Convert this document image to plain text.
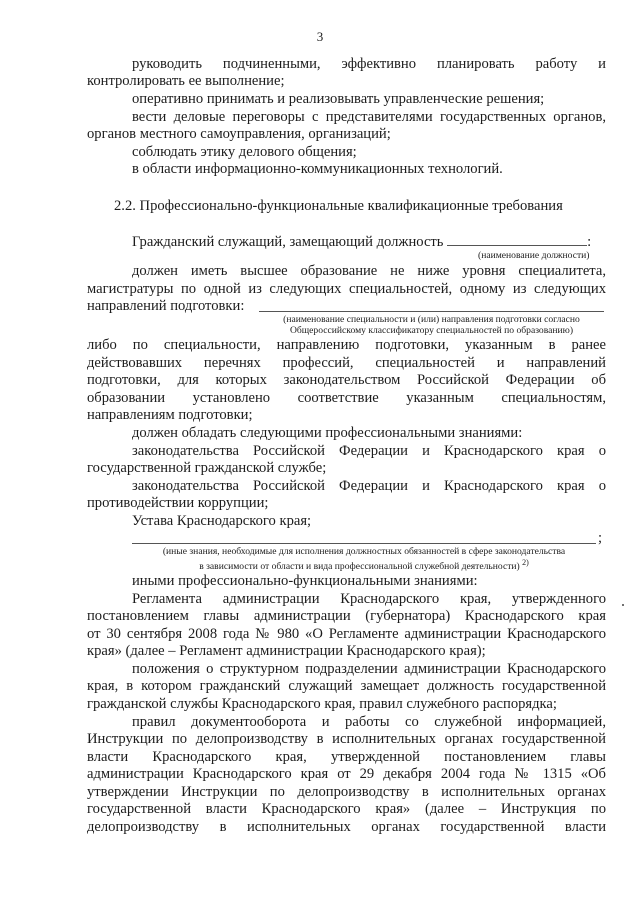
3
руководить подчиненными, эффективно планировать работу и
контролировать ее выполнение;
оперативно принимать и реализовывать управленческие решения;
вести деловые переговоры с представителями государственных органов,
органов местного самоуправления, организаций;
соблюдать этику делового общения;
в области информационно-коммуникационных технологий.
2.2. Профессионально-функциональные квалификационные требования
Гражданский служащий, замещающий должность	:
(наименование должности)
должен иметь высшее образование не ниже уровня специалитета,
магистратуры по одной из следующих специальностей, одному из следующих
направлений подготовки:
(наименование специальности и (или) направления подготовки согласно
Общероссийскому классификатору специальностей по образованию)
либо по специальности, направлению подготовки, указанным в ранее
действовавших перечнях профессий, специальностей и направлений
подготовки, для которых законодательством Российской Федерации об
образовании установлено соответствие указанным специальностям,
направлениям подготовки;
должен обладать следующими профессиональными знаниями:
законодательства Российской Федерации и Краснодарского края о
государственной гражданской службе;
законодательства Российской Федерации и Краснодарского края о
противодействии коррупции;
Устава Краснодарского края;
;
(иные знания, необходимые для исполнения должностных обязанностей в сфере законодательства
в зависимости от области и вида профессиональной служебной деятельности) $^{2)}$
иными профессионально-функциональными знаниями:
Регламента администрации Краснодарского края, утвержденного
постановлением главы администрации (губернатора) Краснодарского края
от 30 сентября 2008 года № 980 «О Регламенте администрации Краснодарского
края» (далее – Регламент администрации Краснодарского края);
положения о структурном подразделении администрации Краснодарского
края, в котором гражданский служащий замещает должность государственной
гражданской службы Краснодарского края, правил служебного распорядка;
правил документооборота и работы со служебной информацией,
Инструкции по делопроизводству в исполнительных органах государственной
власти Краснодарского края, утвержденной постановлением главы
администрации Краснодарского края от 29 декабря 2004 года № 1315 «Об
утверждении Инструкции по делопроизводству в исполнительных органах
государственной власти Краснодарского края» (далее – Инструкция по
делопроизводству в исполнительных органах государственной власти
